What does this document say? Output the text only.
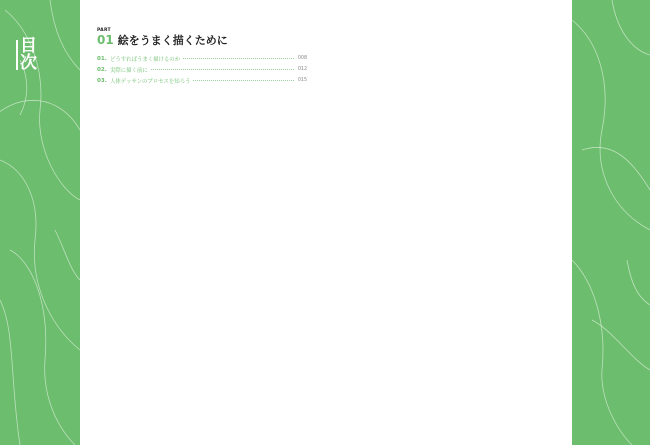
目
次
PART
01 絵をうまく描くために
01. どうすればうまく描けるのか	008
02. 実際に描く前に	012
03. 人体デッサンのプロセスを知ろう	015
